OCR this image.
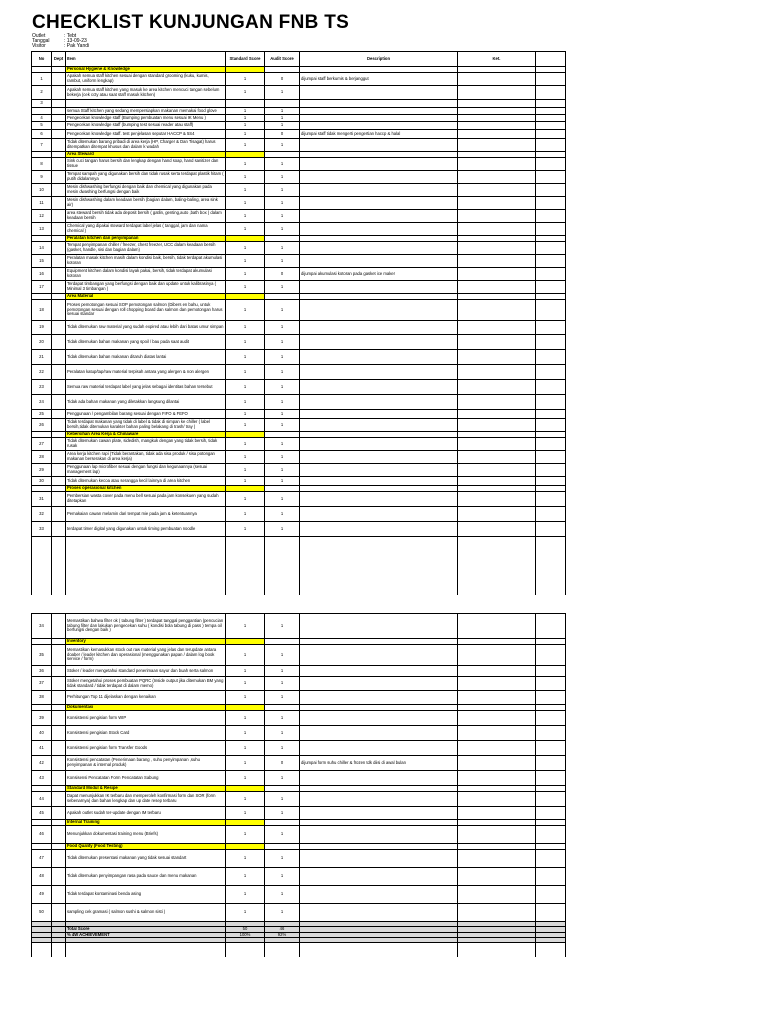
CHECKLIST KUNJUNGAN FNB TS
Outlet	: Tebt
Tanggal	: 13-09-23
Visitor	: Pak Yandi
No	Dept	Item	Standard Score	Audit Score	Description	Ket.	
		Personal Hygiene & Knowledge					
1		Apakah semua staff kitchen sesuai dengan standard grooming (kuku, kumis, rambut, uniform lengkap)	1	0	dijumpai staff berkumis & berjanggut		
2		Apakah semua staff kitchen yang masuk ke area kitchen mencuci tangan sebelum bekerja (cek ccty atau saat staff masuk kitchen)	1	1			
3							
		semua Staff kitchen yang sedang mempersiapkan makanan memakai food glove	1	1			
4		Pengecekan knowledge staff (Bumping pembuatan menu sesuai IK Menu )	1	1			
5		Pengecekan knowledge staff (bumping test sesuai reader atau staff)	1	1			
6		Pengecekan knowledge staff. test penjelasan seputar HACCP & 5S4	1	0	dijumpai staff tidak mengerti pengertian haccp & halal		
7		Tidak ditemukan barang pribadi di area kerja (HP, Charger & Dan Tisagat) harus ditempatkan ditempat khusus dan dalam k wadah	1	1			
		Area Steward					
8		Sink cuci tangan harus bersih dan lengkap dengan hand soap, hand sanitizer dan tissue	1	1			
9		Tempat sampah yang digunakan bersih dan tidak rusak serta terdapat plastik hitam ( putih didalamnya	1	1			
10		Mesin dishwashing berfungsi dengan baik dan chemical yang digunakan pada mesin dwashing berfungsi dengan baik	1	1			
11		Mesin dishwashing dalam keadaan bersih (bagian dalam, baling-baling, area sink air)	1	1			
12		area steward bersih tidak ada deposit bersih ( gatlin, genting,auto ,bath box ) dalam keadaan bersih	1	1			
13		Chemical yang dipakai steward terdapat label jelas ( tanggal, jam dan nama chemical )	1	1			
		Peralatan kitchen dan penyimpanan					
14		Tempat penyimpanan chiller / freezer, chest freezer, UCC dalam keadaan bersih (gasket, handle, sisi dan bagian dalam)	1	1			
15		Peralatan masak kitchen masih dalam kondisi baik, bersih, tidak terdapat akumulasi kotoran	1	1			
16		Equipment kitchen dalam kondisi layak pakai, bersih, tidak terdapat akumulasi kotoran	1	0	dijumpai akumulasi kotoran pada gasket ice maker		
17		Terdapat timbangan yang berfungsi dengan baik dan update untuk kalibrasinya ( Minimal 3 timbangan )	1	1			
		Area Material					
18		Proses pemotongan sesuai SOP pemotongan salmon (Dibers en bahu, untuk pemotongan sesuai dengan roll chopping board dan salmon dan pemotongan harus sesuai standar	1	1			
19		Tidak ditemukan raw material yang sudah expired atau lebih dari batas umur simpan	1	1			
20		Tidak ditemukan bahan makanan yang spoil / bau pada saat audit	1	1			
21		Tidak ditemukan bahan makanan ditaruh diatas lantai	1	1			
22		Peralatan katup/tap/raw material terpisah antara yang alergen & non alergen	1	1			
23		Semua raw material terdapat label yang jelas sebagai identitas bahan tersebut	1	1			
24		Tidak ada bahan makanan yang diletakkan langsung dilantai	1	1			
25		Penggunaan / pengambilan barang sesuai dengan FIFO & FEFO	1	1			
26		Tidak terdapat makanan yang tidak di label & tidak di simpan ke chiller ( label bersih,tidak ditemukan karakter bahan paling belakang di trash/ tray )	1	1			
		Kebersihan Area Kerja & Chinaware					
27		Tidak ditemukan cawan plate, sidedish, mangkuk dengan yang tidak bersih, tidak rusak	1	1			
28		Area kerja kitchen rapi (Tidak berantakan, tidak ada sisa produk / sisa potongan makanan berserakan di area kerja)	1	1			
29		Penggunaan lap microfiber sesuai dengan fungsi dan kegunaannya (sesuai management lap)	1	1			
30		Tidak ditemukan kecoa atau serangga kecil lainnya di area kitchen	1	1			
		Proses operasional kitchen					
31		Pembersian wasta cover pada menu bell sesuai pada jam konsekuen yang sudah ditetapkan	1	1			
32		Pemakaian cawan melamin dari tempat mie pada jam & ketentuannya	1	1			
33		terdapat timer digital yang digunakan untuk timing pembuatan noodle	1	1			

34		Memastikan bahwa filter ok ( tabung filter ) terdapat tanggal penggantian (pencucian tabung filter dan lakukan pengecekan suhu ( kondisi bola tabung di pass ) tempa oil berfungsi dengan baik )	1	1			
		Inventory					
35		Memastikan kemasukkan stock out raw material yang jelas dan terupdate antara doaber / leader kitchen dan operasional (menggunakan papan / dalam log book service / form)	1	1			
36		Stoker / leader mengetahui standard penerimaan sayur dan buah serta salmon	1	1			
37		Stoker mengetahui proses pembuatan PQRC (Inside output jika ditemukan BM yang tidak standard / tidak terdapat di dalam memo)	1	1			
38		Perhitungan Top 11 dijelaskan dengan kenaikan	1	1			
		Dokumentasi					
39		Konsistensi pengisian form WIP	1	1			
40		Konsistensi pengisian Stock Card	1	1			
41		Konsistensi pengisian form Transfer Goods	1	1			
42		Konsistensi pencatatan (Penerimaan barang , suhu penyimpanan ,suhu penyimpanan & internal produk)	1	0	dijumpai form suhu chiller & frozen tdk diisi di awal bulan		
43		Konsisensi Pencatatan Form Pencatatan Sabung	1	1			
		Standard Modul & Resipe					
44		Dapat menunjukkan IK terbaru dan memperoleh konfirmasi form dan SOR (form sebenarnya) dan bahan lengkap dan up date resep terbaru	1	1			
45		Apakah outlet sudah ter-update dengan IM terbaru	1	1			
		Internal Training					
46		Menunjukkan dokumentasi training menu (Briefs)	1	1			
		Food Quality (Food Testing)					
47		Tidak ditemukan presentasi makanan yang tidak sesuai standart	1	1			
48		Tidak ditemukan penyimpangan rasa pada sauce dan menu makanan	1	1			
49		Tidak terdapat kontaminasi benda asing	1	1			
50		sampling cek gramasi ( salmon sushi & salmon sisti )	1	1			

		Total Score	50	46			
		% 4W ACHIEVEMENT	100%	92%			
